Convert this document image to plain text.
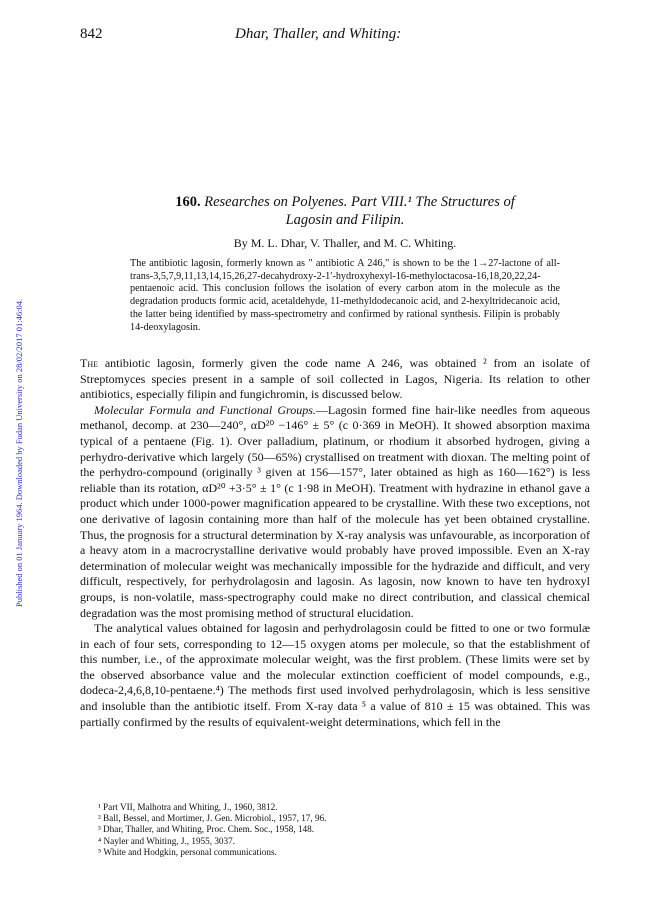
Published on 01 January 1964. Downloaded by Fudan University on 28/02/2017 01:46:04.
842	Dhar, Thaller, and Whiting:
160. Researches on Polyenes. Part VIII.¹ The Structures of
Lagosin and Filipin.
By M. L. Dhar, V. Thaller, and M. C. Whiting.
The antibiotic lagosin, formerly known as " antibiotic A 246," is shown to be the 1→27-lactone of all-trans-3,5,7,9,11,13,14,15,26,27-decahydroxy-2-1′-hydroxyhexyl-16-methyloctacosa-16,18,20,22,24-pentaenoic acid. This conclusion follows the isolation of every carbon atom in the molecule as the degradation products formic acid, acetaldehyde, 11-methyldodecanoic acid, and 2-hexyltridecanoic acid, the latter being identified by mass-spectrometry and confirmed by rational synthesis. Filipin is probably 14-deoxylagosin.

The antibiotic lagosin, formerly given the code name A 246, was obtained ² from an isolate of Streptomyces species present in a sample of soil collected in Lagos, Nigeria. Its relation to other antibiotics, especially filipin and fungichromin, is discussed below.

Molecular Formula and Functional Groups.—Lagosin formed fine hair-like needles from aqueous methanol, decomp. at 230—240°, αD²⁰ −146° ± 5° (c 0·369 in MeOH). It showed absorption maxima typical of a pentaene (Fig. 1). Over palladium, platinum, or rhodium it absorbed hydrogen, giving a perhydro-derivative which largely (50—65%) crystallised on treatment with dioxan. The melting point of the perhydro-compound (originally ³ given at 156—157°, later obtained as high as 160—162°) is less reliable than its rotation, αD²⁰ +3·5° ± 1° (c 1·98 in MeOH). Treatment with hydrazine in ethanol gave a product which under 1000-power magnification appeared to be crystalline. With these two exceptions, not one derivative of lagosin containing more than half of the molecule has yet been obtained crystalline. Thus, the prognosis for a structural determination by X-ray analysis was unfavourable, as incorporation of a heavy atom in a macrocrystalline derivative would probably have proved impossible. Even an X-ray determination of molecular weight was mechanically impossible for the hydrazide and difficult, and very difficult, respectively, for perhydrolagosin and lagosin. As lagosin, now known to have ten hydroxyl groups, is non-volatile, mass-spectrography could make no direct contribution, and classical chemical degradation was the most promising method of structural elucidation.

The analytical values obtained for lagosin and perhydrolagosin could be fitted to one or two formulæ in each of four sets, corresponding to 12—15 oxygen atoms per molecule, so that the establishment of this number, i.e., of the approximate molecular weight, was the first problem. (These limits were set by the observed absorbance value and the molecular extinction coefficient of model compounds, e.g., dodeca-2,4,6,8,10-pentaene.⁴) The methods first used involved perhydrolagosin, which is less sensitive and insoluble than the antibiotic itself. From X-ray data ⁵ a value of 810 ± 15 was obtained. This was partially confirmed by the results of equivalent-weight determinations, which fell in the

¹ Part VII, Malhotra and Whiting, J., 1960, 3812.
² Ball, Bessel, and Mortimer, J. Gen. Microbiol., 1957, 17, 96.
³ Dhar, Thaller, and Whiting, Proc. Chem. Soc., 1958, 148.
⁴ Nayler and Whiting, J., 1955, 3037.
⁵ White and Hodgkin, personal communications.
